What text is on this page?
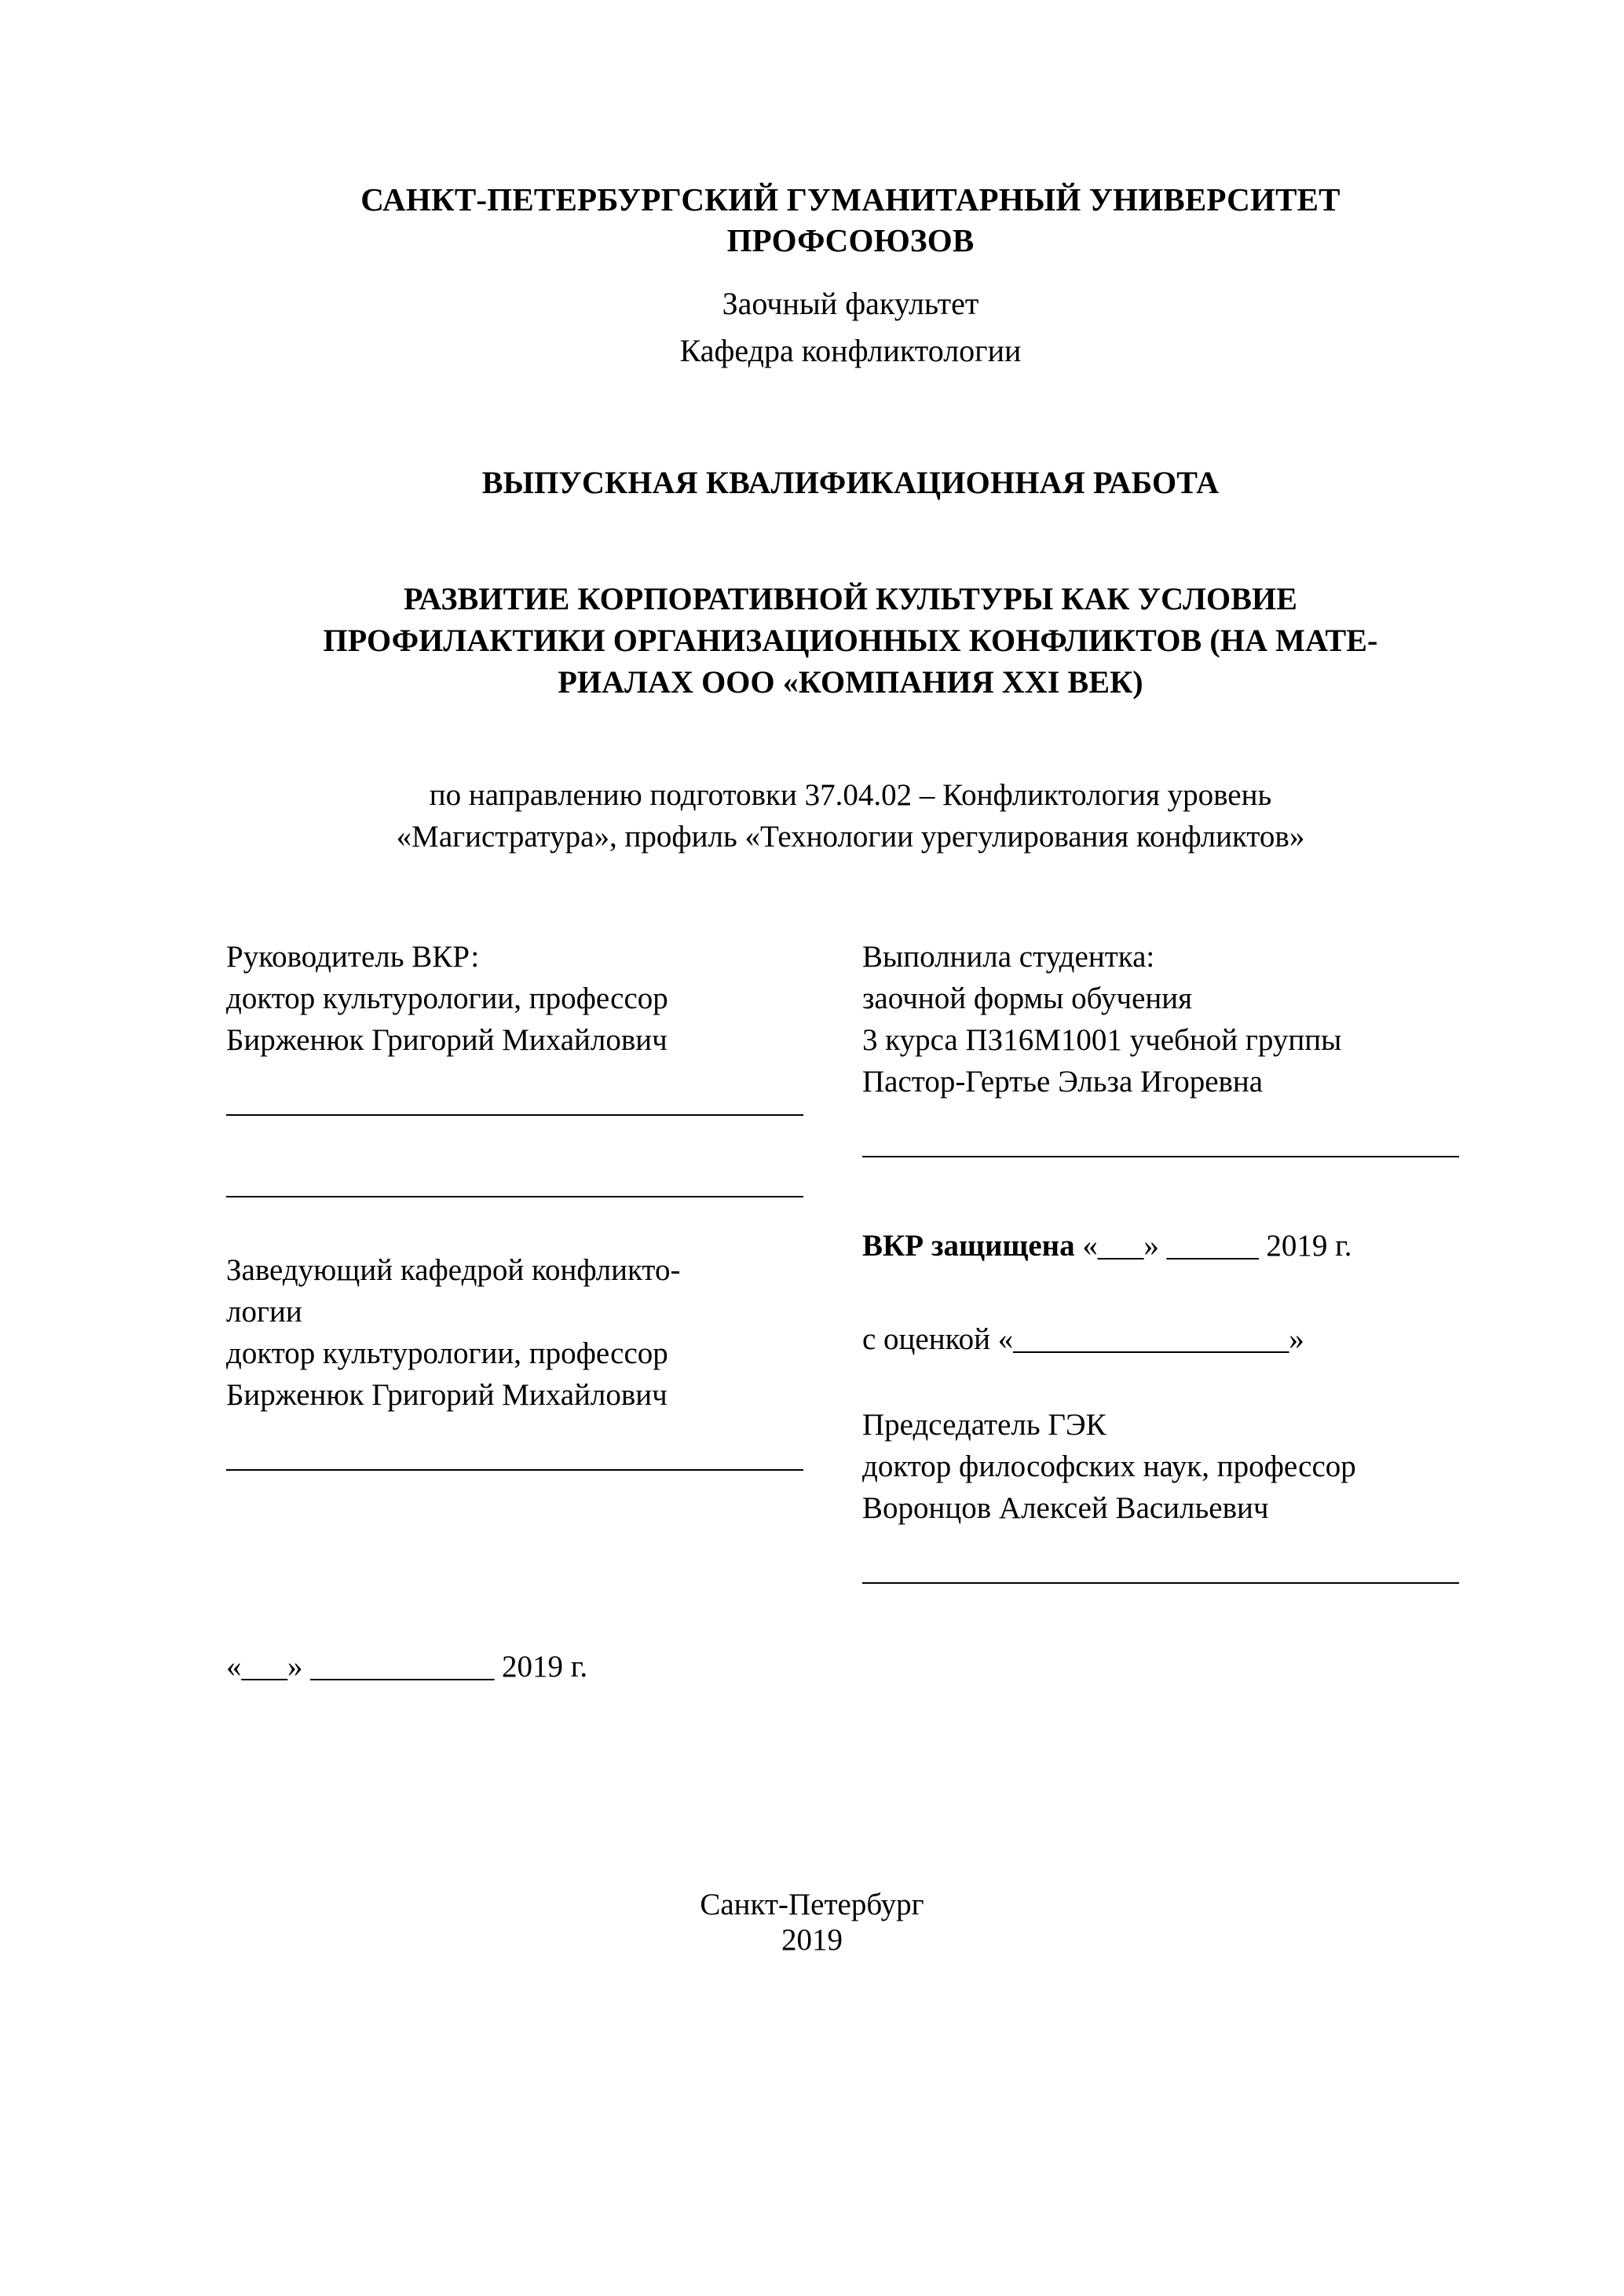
САНКТ-ПЕТЕРБУРГСКИЙ ГУМАНИТАРНЫЙ УНИВЕРСИТЕТ ПРОФСОЮЗОВ
Заочный факультет
Кафедра конфликтологии
ВЫПУСКНАЯ КВАЛИФИКАЦИОННАЯ РАБОТА
РАЗВИТИЕ КОРПОРАТИВНОЙ КУЛЬТУРЫ КАК УСЛОВИЕ ПРОФИЛАКТИКИ ОРГАНИЗАЦИОННЫХ КОНФЛИКТОВ (НА МАТЕ-РИАЛАХ ООО «КОМПАНИЯ XXI ВЕК)
по направлению подготовки 37.04.02 – Конфликтология уровень «Магистратура», профиль «Технологии урегулирования конфликтов»
Руководитель ВКР:
доктор культурологии, профессор
Бирженюк Григорий Михайлович
Заведующий кафедрой конфликто-
логии
доктор культурологии, профессор
Бирженюк Григорий Михайлович
Выполнила студентка:
заочной формы обучения
3 курса ПЗ16М1001 учебной группы
Пастор-Гертье Эльза Игоревна
ВКР защищена «___» ______ 2019 г.
с оценкой «__________________»
Председатель ГЭК
доктор философских наук, профессор
Воронцов Алексей Васильевич
«___» ____________ 2019 г.
Санкт-Петербург
2019
